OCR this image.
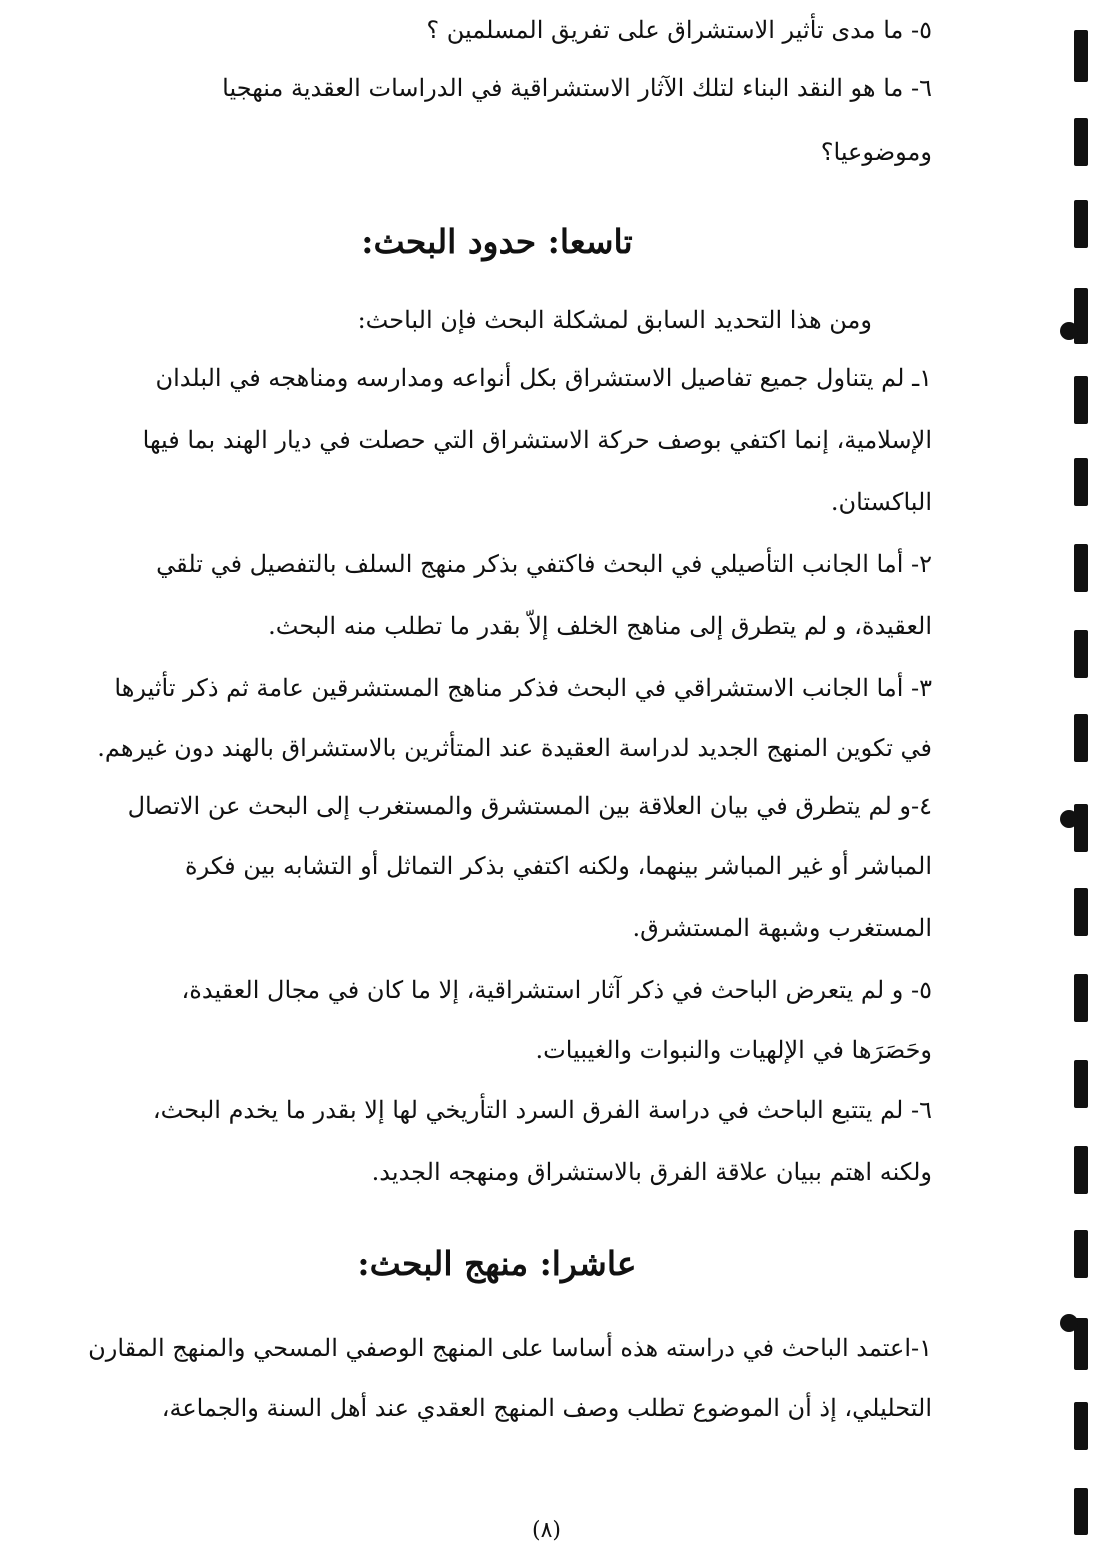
٥- ما مدى تأثير الاستشراق على تفريق المسلمين ؟
٦- ما هو النقد البناء لتلك الآثار الاستشراقية في الدراسات العقدية منهجيا
وموضوعيا؟
تاسعا: حدود البحث:
ومن هذا التحديد السابق لمشكلة البحث فإن الباحث:
١ـ لم يتناول جميع تفاصيل الاستشراق بكل أنواعه ومدارسه ومناهجه في البلدان
الإسلامية، إنما اكتفي بوصف حركة الاستشراق التي حصلت في ديار الهند بما فيها
الباكستان.
٢- أما الجانب التأصيلي في البحث فاكتفي بذكر منهج السلف بالتفصيل في تلقي
العقيدة، و لم يتطرق إلى مناهج الخلف إلاّ بقدر ما تطلب منه البحث.
٣- أما الجانب الاستشراقي في البحث فذكر مناهج المستشرقين عامة ثم ذكر تأثيرها
في تكوين المنهج الجديد لدراسة العقيدة عند المتأثرين بالاستشراق بالهند دون غيرهم.
٤-و لم يتطرق في بيان العلاقة بين المستشرق والمستغرب إلى البحث عن الاتصال
المباشر أو غير المباشر بينهما، ولكنه اكتفي بذكر التماثل أو التشابه بين فكرة
المستغرب وشبهة المستشرق.
٥- و لم يتعرض الباحث في ذكر آثار استشراقية، إلا ما كان في مجال العقيدة،
وحَصَرَها في الإلهيات والنبوات والغيبيات.
٦- لم يتتبع الباحث في دراسة الفرق السرد التأريخي لها إلا بقدر ما يخدم البحث،
ولكنه اهتم ببيان علاقة الفرق بالاستشراق ومنهجه الجديد.
عاشرا: منهج البحث:
١-اعتمد الباحث في دراسته هذه أساسا على المنهج الوصفي المسحي والمنهج المقارن
التحليلي، إذ أن الموضوع تطلب وصف المنهج العقدي عند أهل السنة والجماعة،
(٨)
